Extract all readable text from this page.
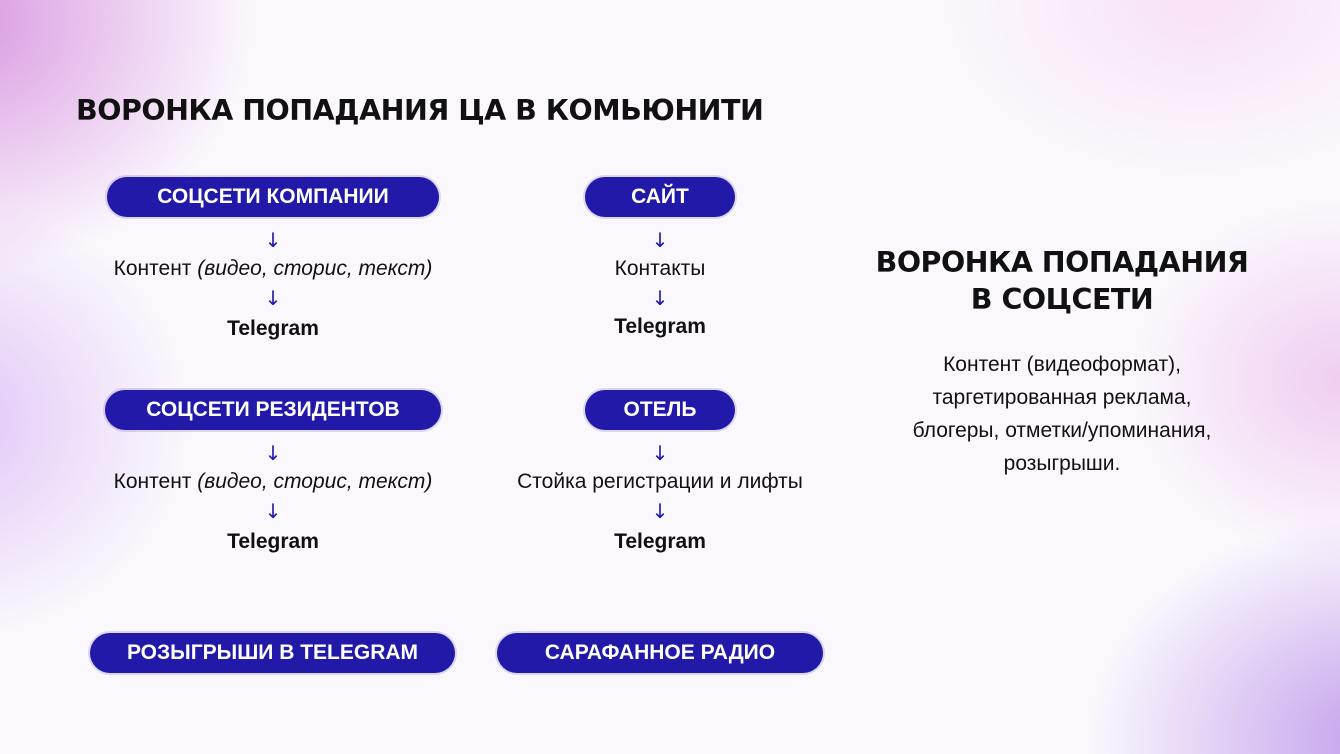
ВОРОНКА ПОПАДАНИЯ ЦА В КОМЬЮНИТИ
СОЦСЕТИ КОМПАНИИ
↓
Контент (видео, сторис, текст)
↓
Telegram
САЙТ
↓
Контакты
↓
Telegram
СОЦСЕТИ РЕЗИДЕНТОВ
↓
Контент (видео, сторис, текст)
↓
Telegram
ОТЕЛЬ
↓
Стойка регистрации и лифты
↓
Telegram
РОЗЫГРЫШИ В TELEGRAM	САРАФАННОЕ РАДИО
ВОРОНКА ПОПАДАНИЯ
В СОЦСЕТИ
Контент (видеоформат),
таргетированная реклама,
блогеры, отметки/упоминания,
розыгрыши.
